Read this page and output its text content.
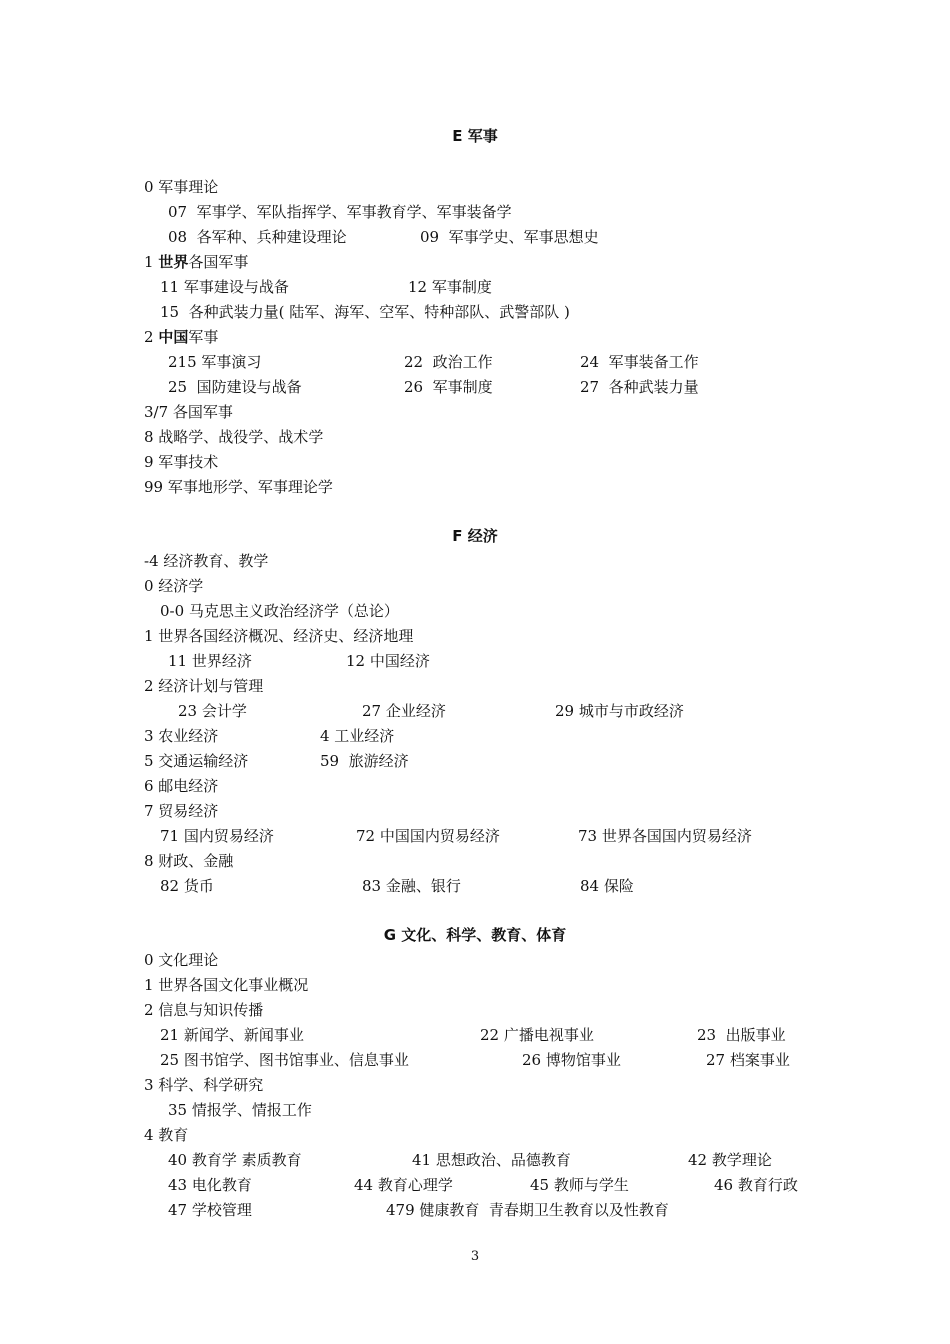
E 军事
0 军事理论
07  军事学、军队指挥学、军事教育学、军事装备学
08  各军种、兵种建设理论	09  军事学史、军事思想史
1 世界各国军事
11 军事建设与战备	12 军事制度
15  各种武装力量( 陆军、海军、空军、特种部队、武警部队 )
2 中国军事
215 军事演习	22  政治工作	24  军事装备工作
25  国防建设与战备	26  军事制度	27  各种武装力量
3/7 各国军事
8 战略学、战役学、战术学
9 军事技术
99 军事地形学、军事理论学
F 经济
-4 经济教育、教学
0 经济学
0-0 马克思主义政治经济学（总论）
1 世界各国经济概况、经济史、经济地理
11 世界经济	12 中国经济
2 经济计划与管理
23 会计学	27 企业经济	29 城市与市政经济
3 农业经济	4 工业经济
5 交通运输经济	59  旅游经济
6 邮电经济
7 贸易经济
71 国内贸易经济	72 中国国内贸易经济	73 世界各国国内贸易经济
8 财政、金融
82 货币	83 金融、银行	84 保险
G 文化、科学、教育、体育
0 文化理论
1 世界各国文化事业概况
2 信息与知识传播
21 新闻学、新闻事业	22 广播电视事业	23  出版事业
25 图书馆学、图书馆事业、信息事业	26 博物馆事业	27 档案事业
3 科学、科学研究
35 情报学、情报工作
4 教育
40 教育学 素质教育	41 思想政治、品德教育	42 教学理论
43 电化教育	44 教育心理学	45 教师与学生	46 教育行政
47 学校管理	479 健康教育  青春期卫生教育以及性教育
3
